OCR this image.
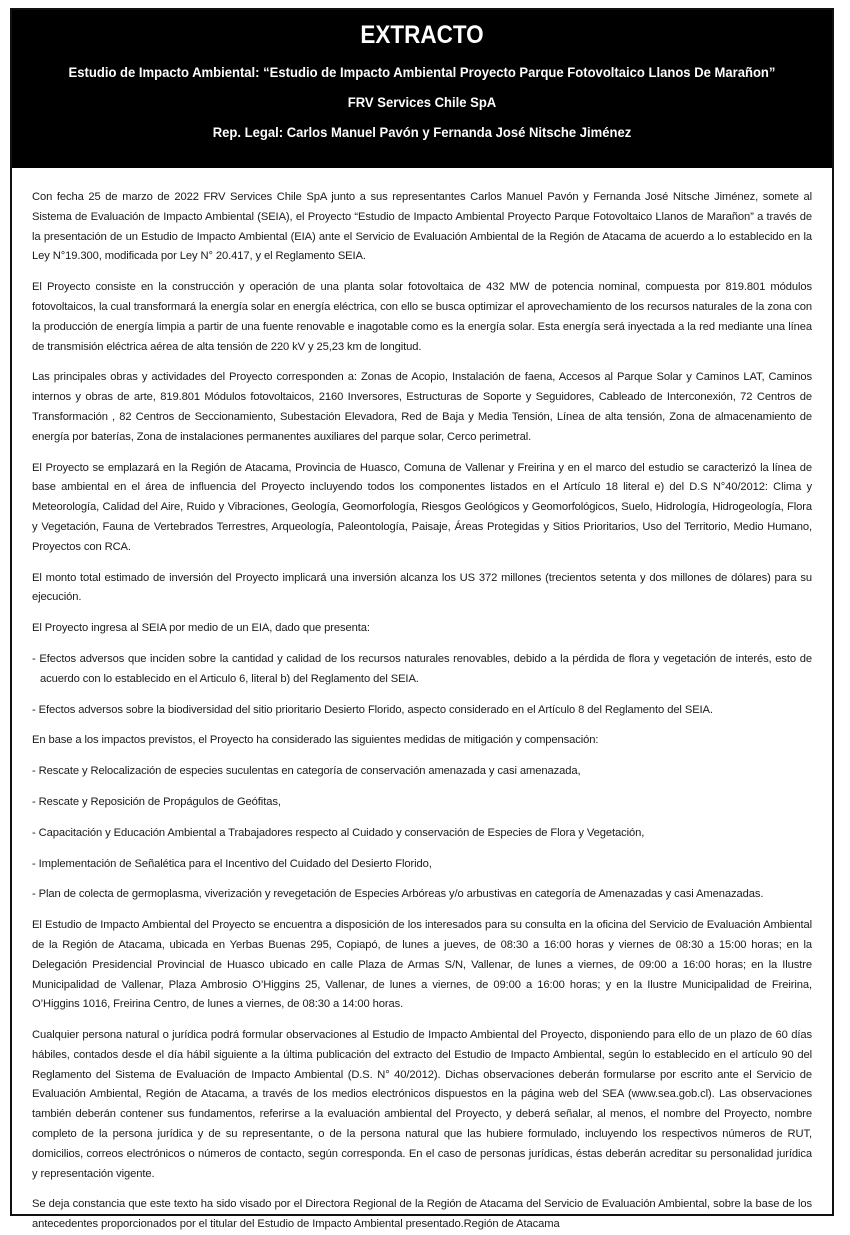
EXTRACTO

Estudio de Impacto Ambiental: “Estudio de Impacto Ambiental Proyecto Parque Fotovoltaico Llanos De Marañon”

FRV Services Chile SpA

Rep. Legal: Carlos Manuel Pavón y Fernanda José Nitsche Jiménez

Con fecha 25 de marzo de 2022 FRV Services Chile SpA junto a sus representantes Carlos Manuel Pavón y Fernanda José Nitsche Jiménez, somete al Sistema de Evaluación de Impacto Ambiental (SEIA), el Proyecto “Estudio de Impacto Ambiental Proyecto Parque Fotovoltaico Llanos de Marañon” a través de la presentación de un Estudio de Impacto Ambiental (EIA) ante el Servicio de Evaluación Ambiental de la Región de Atacama de acuerdo a lo establecido en la Ley N°19.300, modificada por Ley N° 20.417, y el Reglamento SEIA.

El Proyecto consiste en la construcción y operación de una planta solar fotovoltaica de 432 MW de potencia nominal, compuesta por 819.801 módulos fotovoltaicos, la cual transformará la energía solar en energía eléctrica, con ello se busca optimizar el aprovechamiento de los recursos naturales de la zona con la producción de energía limpia a partir de una fuente renovable e inagotable como es la energía solar. Esta energía será inyectada a la red mediante una línea de transmisión eléctrica aérea de alta tensión de 220 kV y 25,23 km de longitud.

Las principales obras y actividades del Proyecto corresponden a: Zonas de Acopio, Instalación de faena, Accesos al Parque Solar y Caminos LAT, Caminos internos y obras de arte, 819.801 Módulos fotovoltaicos, 2160 Inversores, Estructuras de Soporte y Seguidores, Cableado de Interconexión, 72 Centros de Transformación , 82 Centros de Seccionamiento, Subestación Elevadora, Red de Baja y Media Tensión, Línea de alta tensión, Zona de almacenamiento de energía por baterías, Zona de instalaciones permanentes auxiliares del parque solar, Cerco perimetral.

El Proyecto se emplazará en la Región de Atacama, Provincia de Huasco, Comuna de Vallenar y Freirina y en el marco del estudio se caracterizó la línea de base ambiental en el área de influencia del Proyecto incluyendo todos los componentes listados en el Artículo 18 literal e) del D.S N°40/2012: Clima y Meteorología, Calidad del Aire, Ruido y Vibraciones, Geología, Geomorfología, Riesgos Geológicos y Geomorfológicos, Suelo, Hidrología, Hidrogeología, Flora y Vegetación, Fauna de Vertebrados Terrestres, Arqueología, Paleontología, Paisaje, Áreas Protegidas y Sitios Prioritarios, Uso del Territorio, Medio Humano, Proyectos con RCA.

El monto total estimado de inversión del Proyecto implicará una inversión alcanza los US 372 millones (trecientos setenta y dos millones de dólares) para su ejecución.

El Proyecto ingresa al SEIA por medio de un EIA, dado que presenta:

- Efectos adversos que inciden sobre la cantidad y calidad de los recursos naturales renovables, debido a la pérdida de flora y vegetación de interés, esto de acuerdo con lo establecido en el Articulo 6, literal b) del Reglamento del SEIA.

- Efectos adversos sobre la biodiversidad del sitio prioritario Desierto Florido, aspecto considerado en el Artículo 8 del Reglamento del SEIA.

En base a los impactos previstos, el Proyecto ha considerado las siguientes medidas de mitigación y compensación:

- Rescate y Relocalización de especies suculentas en categoría de conservación amenazada y casi amenazada,

- Rescate y Reposición de Propágulos de Geófitas,

- Capacitación y Educación Ambiental a Trabajadores respecto al Cuidado y conservación de Especies de Flora y Vegetación,

- Implementación de Señalética para el Incentivo del Cuidado del Desierto Florido,

- Plan de colecta de germoplasma, viverización y revegetación de Especies Arbóreas y/o arbustivas en categoría de Amenazadas y casi Amenazadas.

El Estudio de Impacto Ambiental del Proyecto se encuentra a disposición de los interesados para su consulta en la oficina del Servicio de Evaluación Ambiental de la Región de Atacama, ubicada en Yerbas Buenas 295, Copiapó, de lunes a jueves, de 08:30 a 16:00 horas y viernes de 08:30 a 15:00 horas; en la Delegación Presidencial Provincial de Huasco ubicado en calle Plaza de Armas S/N, Vallenar, de lunes a viernes, de 09:00 a 16:00 horas; en la Ilustre Municipalidad de Vallenar, Plaza Ambrosio O’Higgins 25, Vallenar, de lunes a viernes, de 09:00 a 16:00 horas; y en la Ilustre Municipalidad de Freirina, O’Higgins 1016, Freirina Centro, de lunes a viernes, de 08:30 a 14:00 horas.

Cualquier persona natural o jurídica podrá formular observaciones al Estudio de Impacto Ambiental del Proyecto, disponiendo para ello de un plazo de 60 días hábiles, contados desde el día hábil siguiente a la última publicación del extracto del Estudio de Impacto Ambiental, según lo establecido en el artículo 90 del Reglamento del Sistema de Evaluación de Impacto Ambiental (D.S. N° 40/2012). Dichas observaciones deberán formularse por escrito ante el Servicio de Evaluación Ambiental, Región de Atacama, a través de los medios electrónicos dispuestos en la página web del SEA (www.sea.gob.cl). Las observaciones también deberán contener sus fundamentos, referirse a la evaluación ambiental del Proyecto, y deberá señalar, al menos, el nombre del Proyecto, nombre completo de la persona jurídica y de su representante, o de la persona natural que las hubiere formulado, incluyendo los respectivos números de RUT, domicilios, correos electrónicos o números de contacto, según corresponda. En el caso de personas jurídicas, éstas deberán acreditar su personalidad jurídica y representación vigente.

Se deja constancia que este texto ha sido visado por el Directora Regional de la Región de Atacama del Servicio de Evaluación Ambiental, sobre la base de los antecedentes proporcionados por el titular del Estudio de Impacto Ambiental presentado.Región de Atacama
